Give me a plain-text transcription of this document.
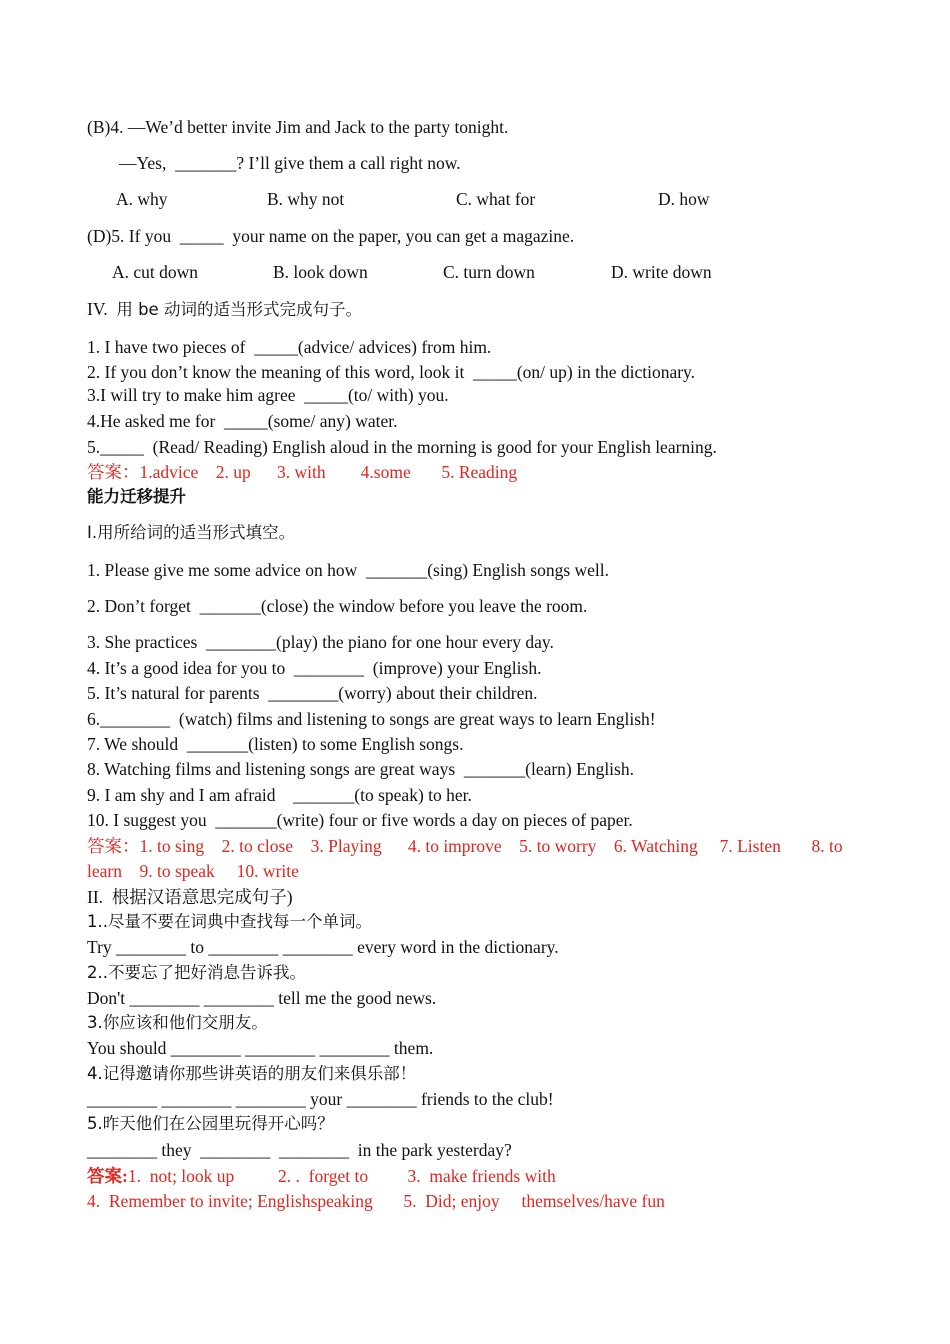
(B)4. —We’d better invite Jim and Jack to the party tonight.
—Yes,  _______? I’ll give them a call right now.
A. why	B. why not	C. what for	D. how
(D)5. If you  _____  your name on the paper, you can get a magazine.
A. cut down	B. look down	C. turn down	D. write down
IV.  用 be 动词的适当形式完成句子。
1. I have two pieces of  _____(advice/ advices) from him.
2. If you don’t know the meaning of this word, look it  _____(on/ up) in the dictionary.
3.I will try to make him agree  _____(to/ with) you.
4.He asked me for  _____(some/ any) water.
5._____  (Read/ Reading) English aloud in the morning is good for your English learning.
答案：1.advice    2. up      3. with        4.some       5. Reading
能力迁移提升
I.用所给词的适当形式填空。
1. Please give me some advice on how  _______(sing) English songs well.
2. Don’t forget  _______(close) the window before you leave the room.
3. She practices  ________(play) the piano for one hour every day.
4. It’s a good idea for you to  ________  (improve) your English.
5. It’s natural for parents  ________(worry) about their children.
6.________  (watch) films and listening to songs are great ways to learn English!
7. We should  _______(listen) to some English songs.
8. Watching films and listening songs are great ways  _______(learn) English.
9. I am shy and I am afraid    _______(to speak) to her.
10. I suggest you  _______(write) four or five words a day on pieces of paper.
答案：1. to sing    2. to close    3. Playing      4. to improve    5. to worry    6. Watching     7. Listen       8. to
learn    9. to speak     10. write
II.  根据汉语意思完成句子)
1..尽量不要在词典中查找每一个单词。
Try ________ to ________ ________ every word in the dictionary.
2..不要忘了把好消息告诉我。
Don't ________ ________ tell me the good news.
3.你应该和他们交朋友。
You should ________ ________ ________ them.
4.记得邀请你那些讲英语的朋友们来俱乐部！
________ ________ ________ your ________ friends to the club!
5.昨天他们在公园里玩得开心吗？
________ they  ________  ________  in the park yesterday?
答案:1.  not; look up          2. .  forget to         3.  make friends with
4.  Remember to invite; Englishspeaking       5.  Did; enjoy     themselves/have fun
